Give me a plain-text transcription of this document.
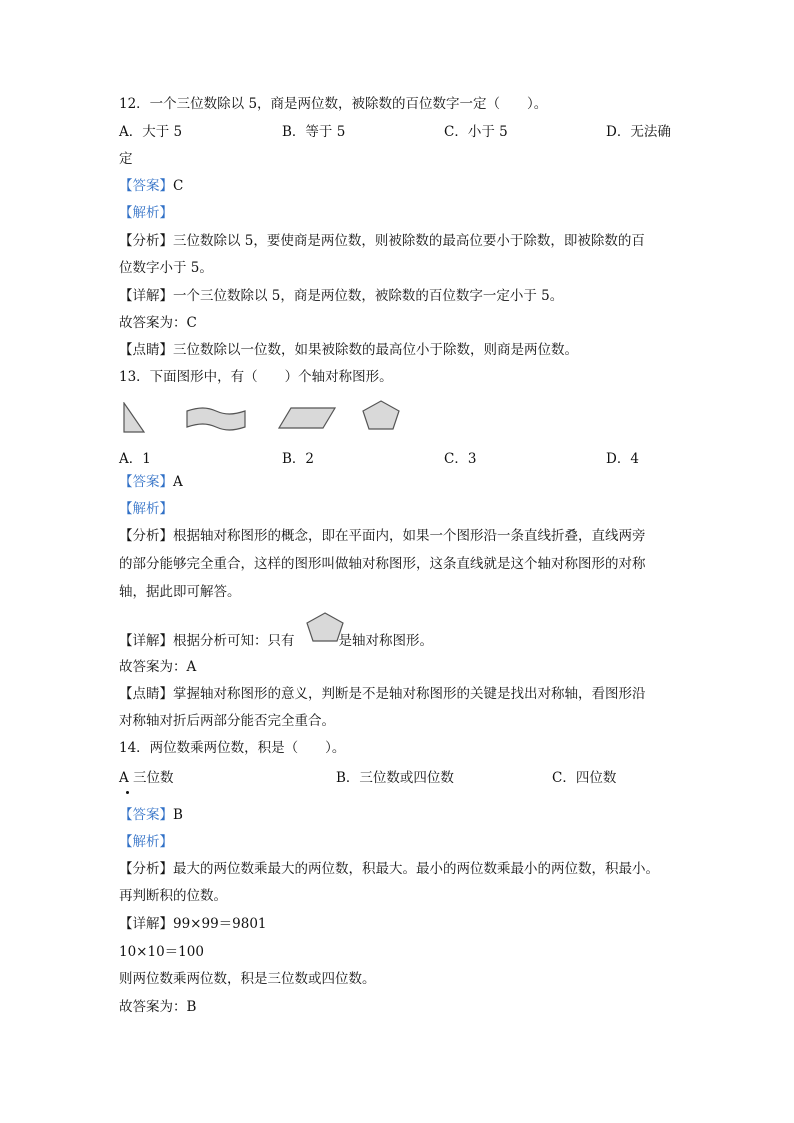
12．一个三位数除以 5，商是两位数，被除数的百位数字一定（　　）。
A．大于 5	B．等于 5	C．小于 5	D．无法确
定
【答案】C
【解析】
【分析】三位数除以 5，要使商是两位数，则被除数的最高位要小于除数，即被除数的百
位数字小于 5。
【详解】一个三位数除以 5，商是两位数，被除数的百位数字一定小于 5。
故答案为：C
【点睛】三位数除以一位数，如果被除数的最高位小于除数，则商是两位数。
13．下面图形中，有（　　）个轴对称图形。
A．1	B．2	C．3	D．4
【答案】A
【解析】
【分析】根据轴对称图形的概念，即在平面内，如果一个图形沿一条直线折叠，直线两旁
的部分能够完全重合，这样的图形叫做轴对称图形，这条直线就是这个轴对称图形的对称
轴，据此即可解答。
【详解】根据分析可知：只有	是轴对称图形。
故答案为：A
【点睛】掌握轴对称图形的意义，判断是不是轴对称图形的关键是找出对称轴，看图形沿
对称轴对折后两部分能否完全重合。
14．两位数乘两位数，积是（　　）。
A 三位数	B．三位数或四位数	C．四位数
【答案】B
【解析】
【分析】最大的两位数乘最大的两位数，积最大。最小的两位数乘最小的两位数，积最小。
再判断积的位数。
【详解】99×99＝9801
10×10＝100
则两位数乘两位数，积是三位数或四位数。
故答案为：B
